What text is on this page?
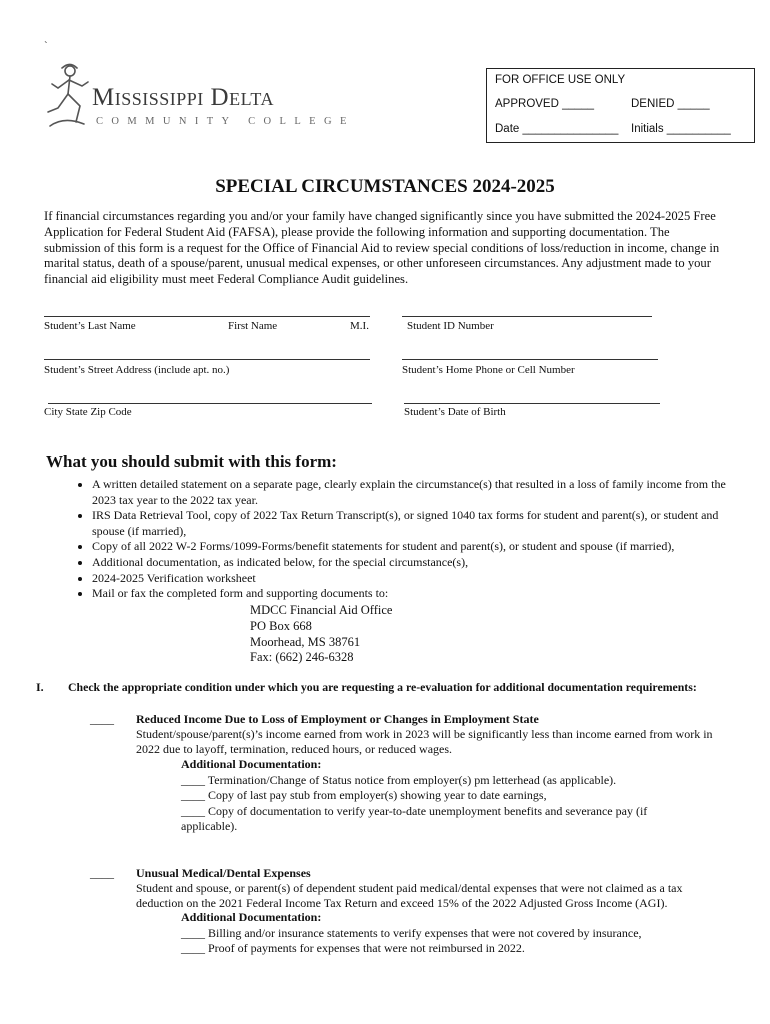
`
Mississippi Delta
COMMUNITY COLLEGE
FOR OFFICE USE ONLY
APPROVED _____	DENIED _____
Date _______________ Initials __________
SPECIAL CIRCUMSTANCES 2024-2025
If financial circumstances regarding you and/or your family have changed significantly since you have submitted the 2024-2025 Free Application for Federal Student Aid (FAFSA), please provide the following information and supporting documentation. The submission of this form is a request for the Office of Financial Aid to review special conditions of loss/reduction in income, change in marital status, death of a spouse/parent, unusual medical expenses, or other unforeseen circumstances. Any adjustment made to your financial aid eligibility must meet Federal Compliance Audit guidelines.
Student’s Last Name	First Name	M.I.	Student ID Number
Student’s Street Address (include apt. no.)	Student’s Home Phone or Cell Number
City State Zip Code	Student’s Date of Birth
What you should submit with this form:
• A written detailed statement on a separate page, clearly explain the circumstance(s) that resulted in a loss of family income from the 2023 tax year to the 2022 tax year.
• IRS Data Retrieval Tool, copy of 2022 Tax Return Transcript(s), or signed 1040 tax forms for student and parent(s), or student and spouse (if married),
• Copy of all 2022 W-2 Forms/1099-Forms/benefit statements for student and parent(s), or student and spouse (if married),
• Additional documentation, as indicated below, for the special circumstance(s),
• 2024-2025 Verification worksheet
• Mail or fax the completed form and supporting documents to:
MDCC Financial Aid Office
PO Box 668
Moorhead, MS 38761
Fax: (662) 246-6328
I. Check the appropriate condition under which you are requesting a re-evaluation for additional documentation requirements:
____ Reduced Income Due to Loss of Employment or Changes in Employment State
Student/spouse/parent(s)’s income earned from work in 2023 will be significantly less than income earned from work in 2022 due to layoff, termination, reduced hours, or reduced wages.
Additional Documentation:
____ Termination/Change of Status notice from employer(s) pm letterhead (as applicable).
____ Copy of last pay stub from employer(s) showing year to date earnings,
____ Copy of documentation to verify year-to-date unemployment benefits and severance pay (if applicable).
____ Unusual Medical/Dental Expenses
Student and spouse, or parent(s) of dependent student paid medical/dental expenses that were not claimed as a tax deduction on the 2021 Federal Income Tax Return and exceed 15% of the 2022 Adjusted Gross Income (AGI).
Additional Documentation:
____ Billing and/or insurance statements to verify expenses that were not covered by insurance,
____ Proof of payments for expenses that were not reimbursed in 2022.
